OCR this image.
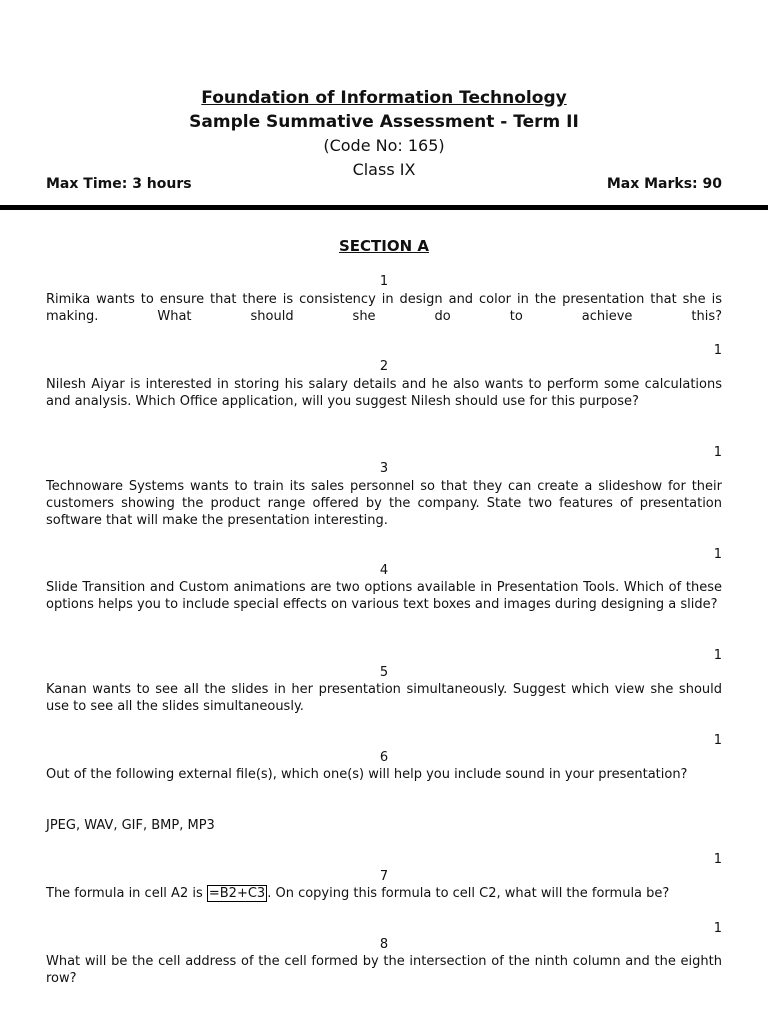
Foundation of Information Technology

Sample Summative Assessment - Term II

(Code No: 165)

Class IX

Max Time: 3 hours	Max Marks: 90
SECTION A
1
Rimika wants to ensure that there is consistency in design and color in the presentation that she is making. What should she do to achieve this?
1
2
Nilesh Aiyar is interested in storing his salary details and he also wants to perform some calculations and analysis. Which Office application, will you suggest Nilesh should use for this purpose?
1
3
Technoware Systems wants to train its sales personnel so that they can create a slideshow for their customers showing the product range offered by the company. State two features of presentation software that will make the presentation interesting.
1
4
Slide Transition and Custom animations are two options available in Presentation Tools. Which of these options helps you to include special effects on various text boxes and images during designing a slide?
1
5
Kanan wants to see all the slides in her presentation simultaneously. Suggest which view she should use to see all the slides simultaneously.
1
6
Out of the following external file(s), which one(s) will help you include sound in your presentation?
JPEG, WAV, GIF, BMP, MP3
1
7
The formula in cell A2 is =B2+C3 . On copying this formula to cell C2, what will the formula be?
1
8
What will be the cell address of the cell formed by the intersection of the ninth column and the eighth row?
